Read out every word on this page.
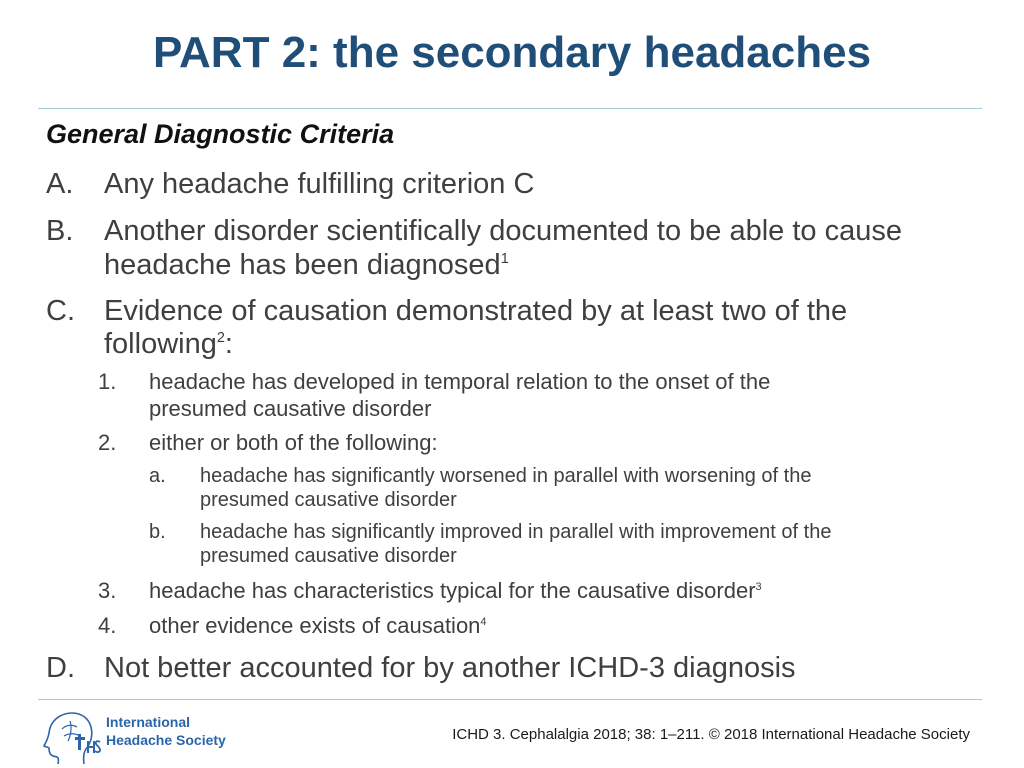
PART 2: the secondary headaches
General Diagnostic Criteria
A. Any headache fulfilling criterion C
B. Another disorder scientifically documented to be able to cause
headache has been diagnosed$^1$
C. Evidence of causation demonstrated by at least two of the
following$^2$:
1. headache has developed in temporal relation to the onset of the
presumed causative disorder
2. either or both of the following:
a. headache has significantly worsened in parallel with worsening of the
presumed causative disorder
b. headache has significantly improved in parallel with improvement of the
presumed causative disorder
3. headache has characteristics typical for the causative disorder$^3$
4. other evidence exists of causation$^4$
D. Not better accounted for by another ICHD-3 diagnosis
International
Headache Society	ICHD 3. Cephalalgia 2018; 38: 1–211. © 2018 International Headache Society
